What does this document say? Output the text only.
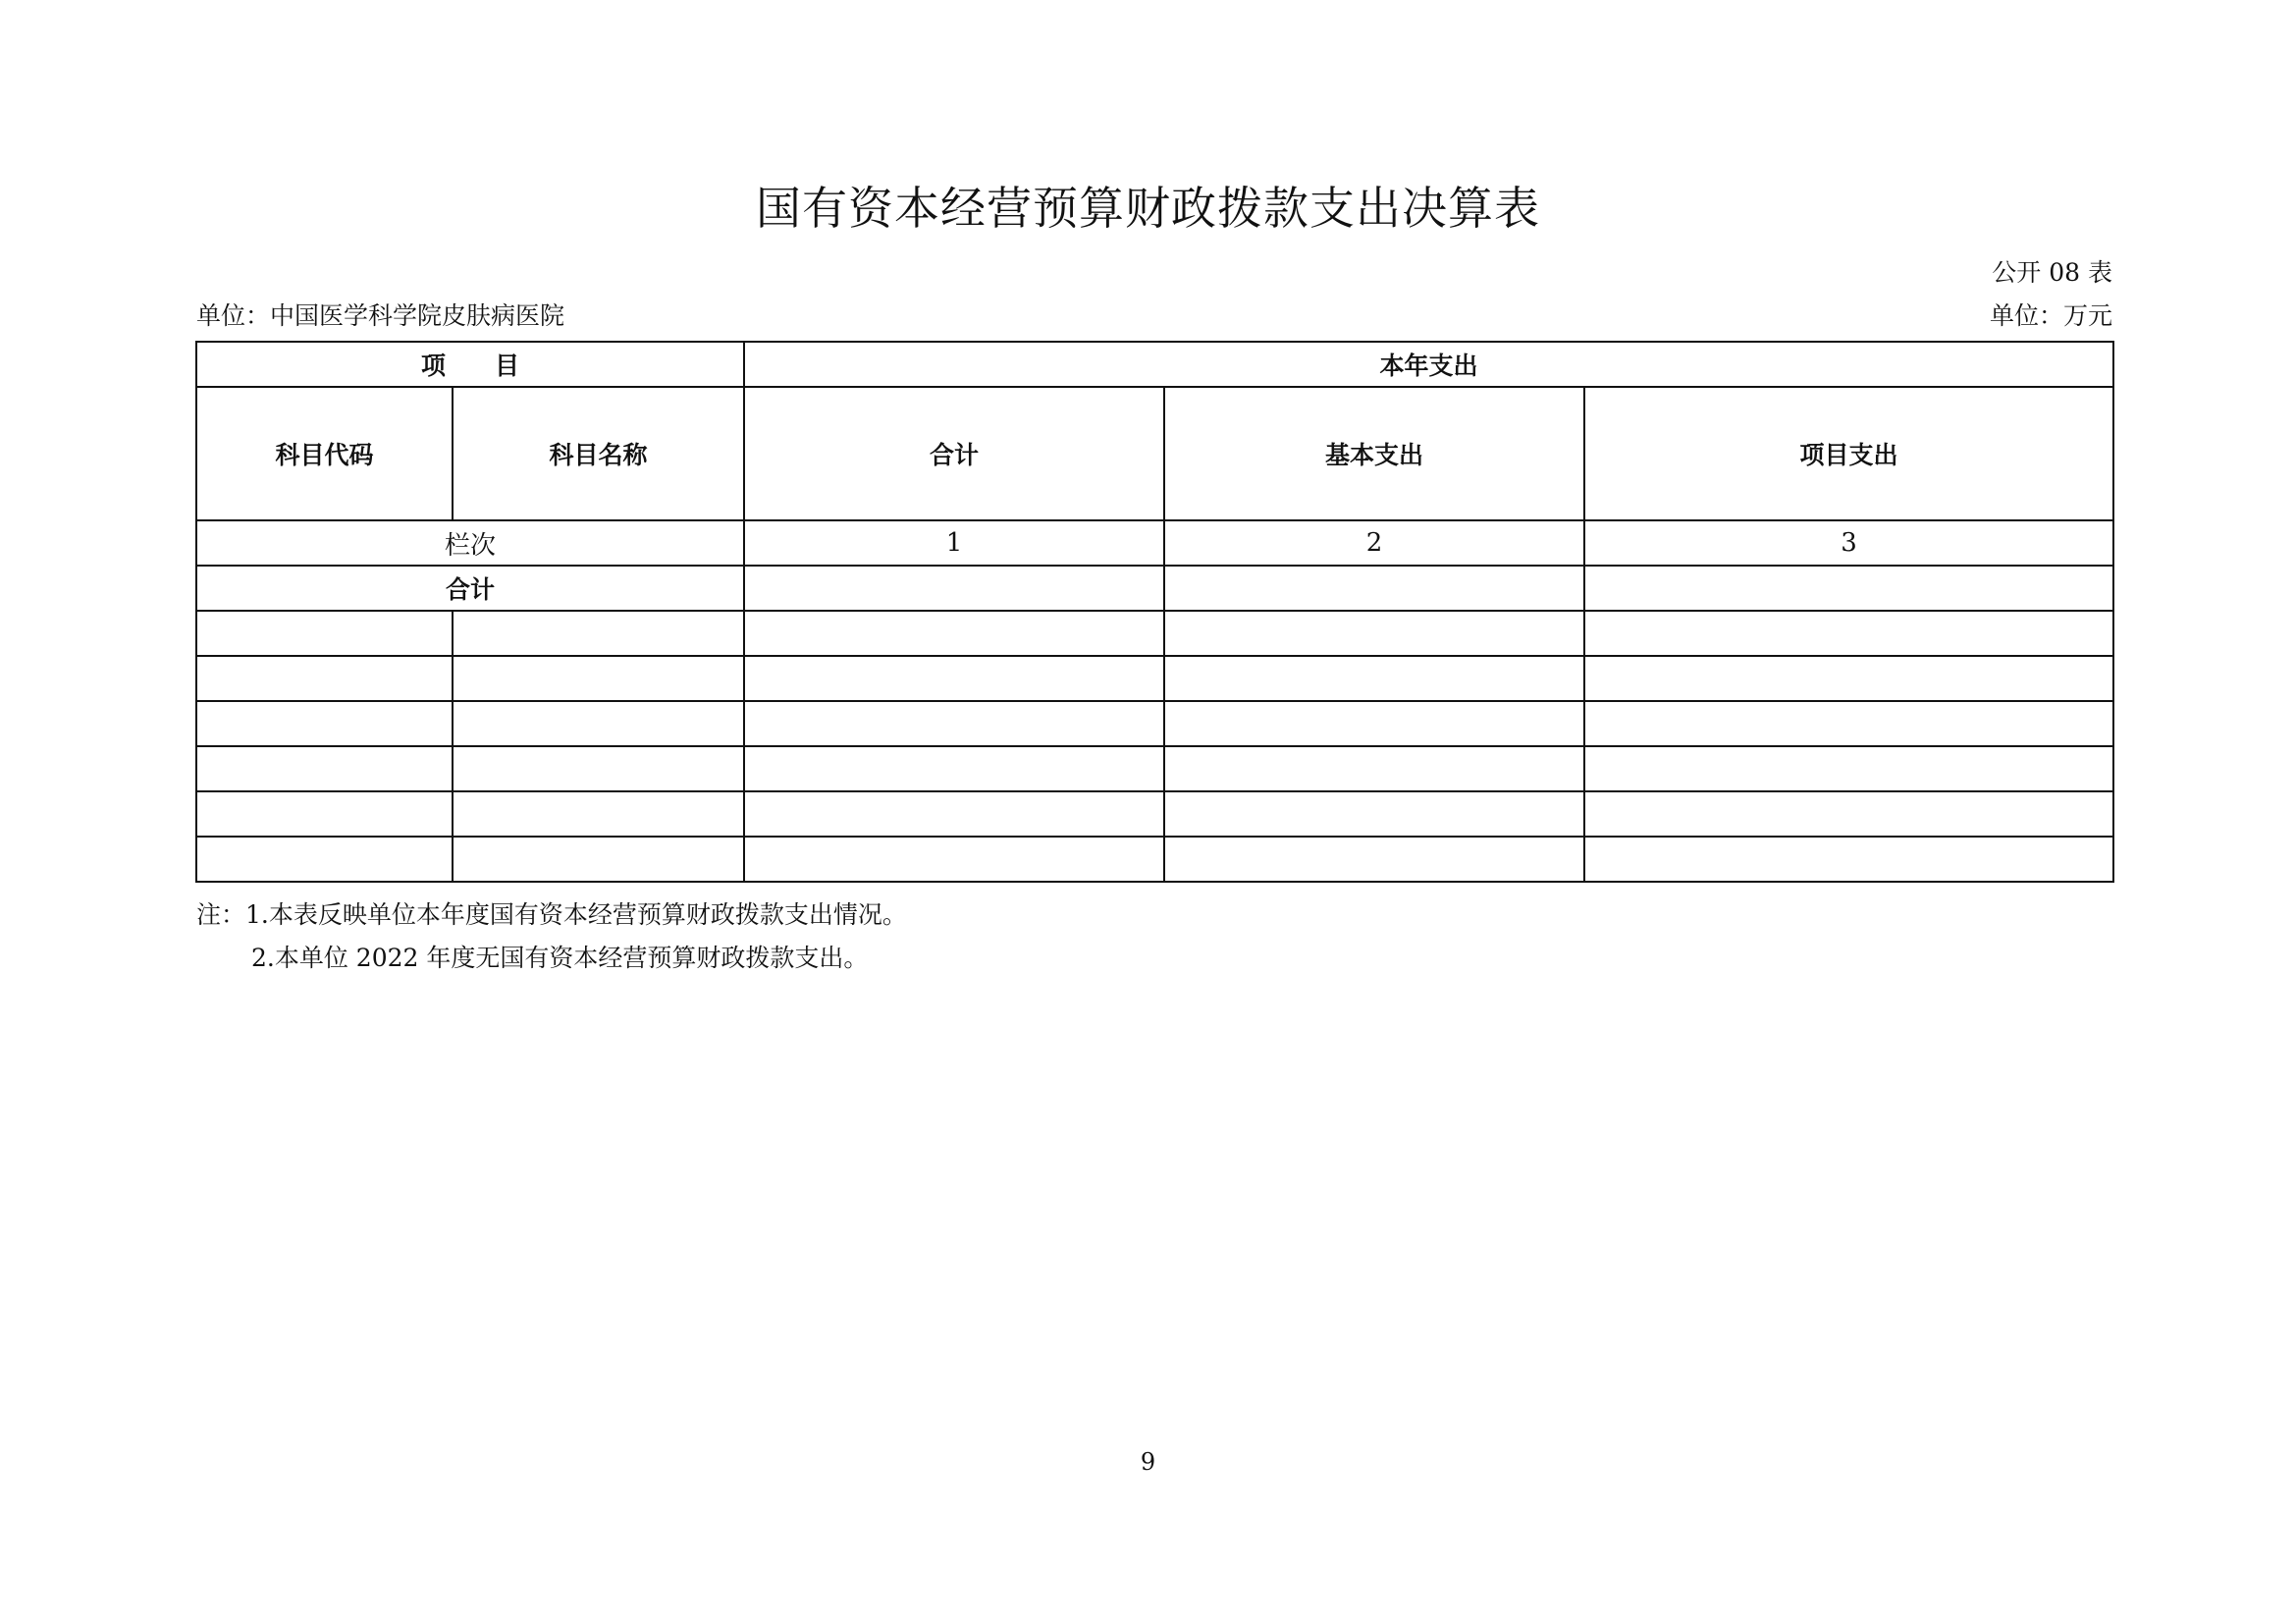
国有资本经营预算财政拨款支出决算表
公开 08 表
单位：中国医学科学院皮肤病医院	单位：万元
项　　目		本年支出		
科目代码	科目名称	合计	基本支出	项目支出
栏次		1	2	3
合计				

注：1.本表反映单位本年度国有资本经营预算财政拨款支出情况。
2.本单位 2022 年度无国有资本经营预算财政拨款支出。
9
